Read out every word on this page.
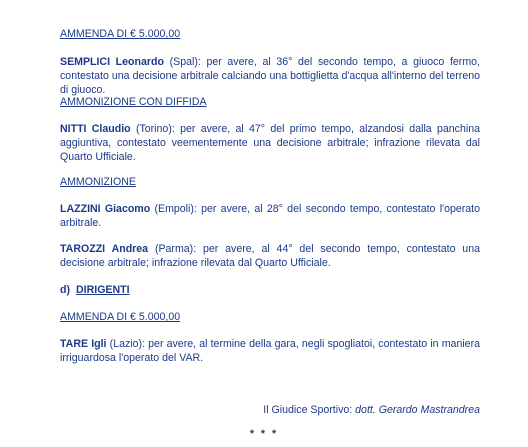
AMMENDA DI € 5.000,00
SEMPLICI Leonardo (Spal): per avere, al 36° del secondo tempo, a giuoco fermo, contestato una decisione arbitrale calciando una bottiglietta d'acqua all'interno del terreno di giuoco.
AMMONIZIONE CON DIFFIDA
NITTI Claudio (Torino): per avere, al 47° del primo tempo, alzandosi dalla panchina aggiuntiva, contestato veementemente una decisione arbitrale; infrazione rilevata dal Quarto Ufficiale.
AMMONIZIONE
LAZZINI Giacomo (Empoli): per avere, al 28° del secondo tempo, contestato l'operato arbitrale.
TAROZZI Andrea (Parma): per avere, al 44° del secondo tempo, contestato una decisione arbitrale; infrazione rilevata dal Quarto Ufficiale.
d) DIRIGENTI
AMMENDA DI € 5.000,00
TARE Igli (Lazio): per avere, al termine della gara, negli spogliatoi, contestato in maniera irriguardosa l'operato del VAR.
Il Giudice Sportivo: dott. Gerardo Mastrandrea
* * *
